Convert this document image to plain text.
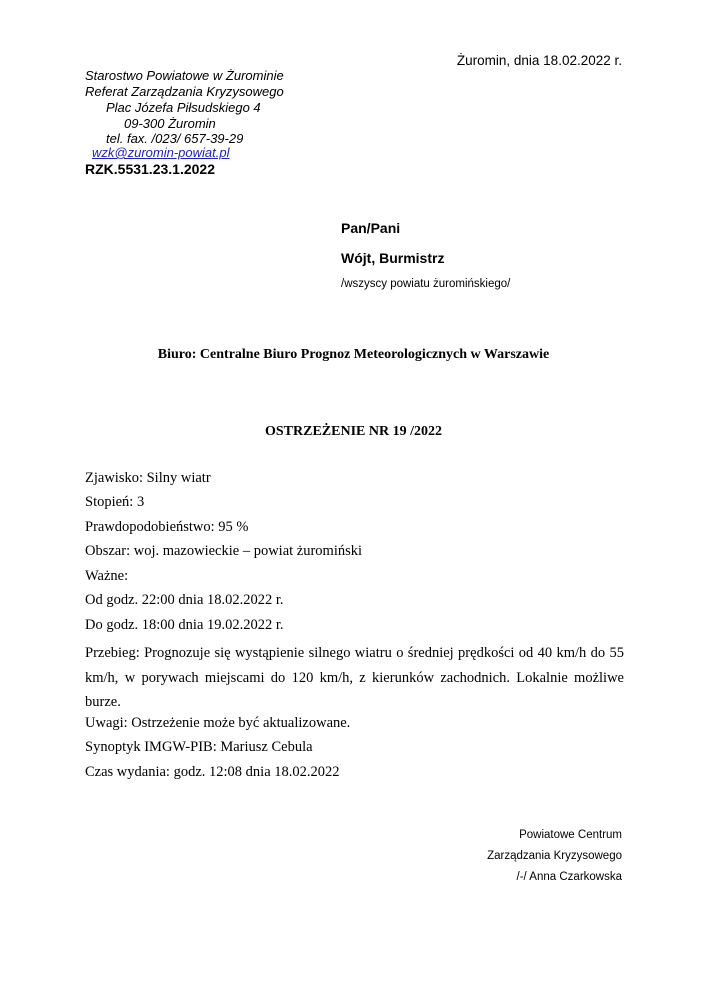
Żuromin, dnia 18.02.2022 r.
Starostwo Powiatowe w Żurominie
Referat Zarządzania Kryzysowego
Plac Józefa Piłsudskiego 4
09-300 Żuromin
tel. fax. /023/ 657-39-29
wzk@zuromin-powiat.pl
RZK.5531.23.1.2022
Pan/Pani
Wójt, Burmistrz
/wszyscy powiatu żuromińskiego/
Biuro: Centralne Biuro Prognoz Meteorologicznych w Warszawie
OSTRZEŻENIE NR 19 /2022
Zjawisko: Silny wiatr
Stopień: 3
Prawdopodobieństwo: 95 %
Obszar: woj. mazowieckie – powiat żuromiński
Ważne:
Od godz. 22:00 dnia 18.02.2022 r.
Do godz. 18:00 dnia 19.02.2022 r.
Przebieg: Prognozuje się wystąpienie silnego wiatru o średniej prędkości od 40 km/h do 55 km/h, w porywach miejscami do 120 km/h, z kierunków zachodnich. Lokalnie możliwe burze.
Uwagi: Ostrzeżenie może być aktualizowane.
Synoptyk IMGW-PIB: Mariusz Cebula
Czas wydania: godz. 12:08 dnia 18.02.2022
Powiatowe Centrum
Zarządzania Kryzysowego
/-/ Anna Czarkowska
